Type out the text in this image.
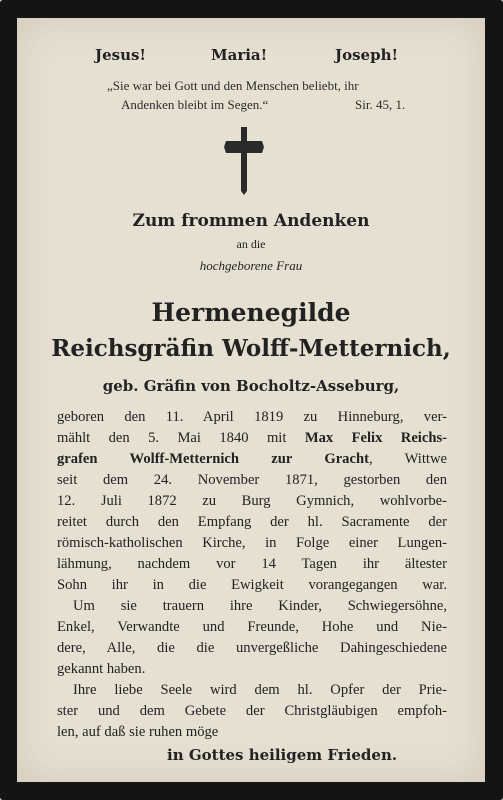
Jesus!	Maria!	Joseph!
„Sie war bei Gott und den Menschen beliebt, ihr
Andenken bleibt im Segen.“	Sir. 45, 1.
Zum frommen Andenken
an die
hochgeborene Frau
Hermenegilde
Reichsgräfin Wolff-Metternich,
geb. Gräfin von Bocholtz-Asseburg,
geboren den 11. April 1819 zu Hinneburg, ver-
mählt den 5. Mai 1840 mit Max Felix Reichs-
grafen Wolff-Metternich zur Gracht, Wittwe
seit dem 24. November 1871, gestorben den
12. Juli 1872 zu Burg Gymnich, wohlvorbe-
reitet durch den Empfang der hl. Sacramente der
römisch-katholischen Kirche, in Folge einer Lungen-
lähmung, nachdem vor 14 Tagen ihr ältester
Sohn ihr in die Ewigkeit vorangegangen war.
Um sie trauern ihre Kinder, Schwiegersöhne,
Enkel, Verwandte und Freunde, Hohe und Nie-
dere, Alle, die die unvergeßliche Dahingeschiedene
gekannt haben.
Ihre liebe Seele wird dem hl. Opfer der Prie-
ster und dem Gebete der Christgläubigen empfoh-
len, auf daß sie ruhen möge
in Gottes heiligem Frieden.
